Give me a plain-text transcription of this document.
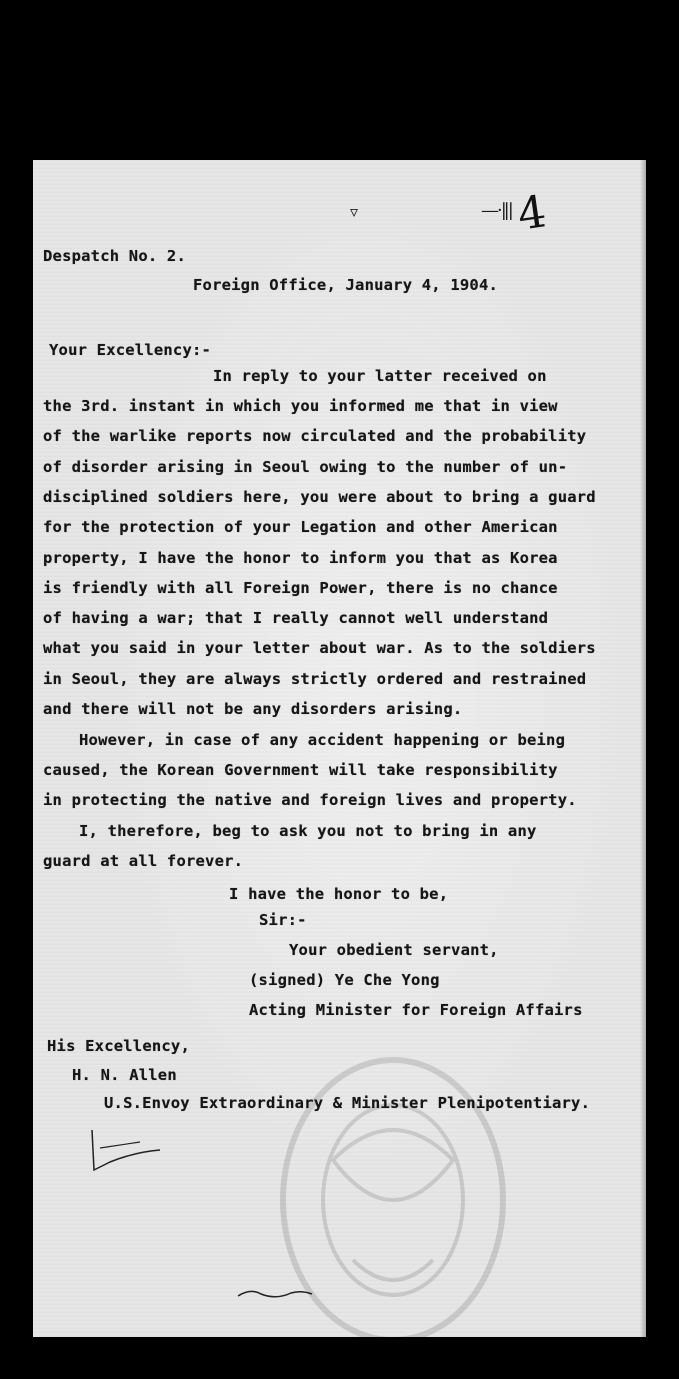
▿	—·‖| 4
Despatch No. 2.
Foreign Office, January 4, 1904.
Your Excellency:-
In reply to your latter received on
the 3rd. instant in which you informed me that in view
of the warlike reports now circulated and the probability
of disorder arising in Seoul owing to the number of un-
disciplined soldiers here, you were about to bring a guard
for the protection of your Legation and other American
property, I have the honor to inform you that as Korea
is friendly with all Foreign Power, there is no chance
of having a war; that I really cannot well understand
what you said in your letter about war. As to the soldiers
in Seoul, they are always strictly ordered and restrained
and there will not be any disorders arising.
However, in case of any accident happening or being
caused, the Korean Government will take responsibility
in protecting the native and foreign lives and property.
I, therefore, beg to ask you not to bring in any
guard at all forever.
I have the honor to be,
Sir:-
Your obedient servant,
(signed) Ye Che Yong
Acting Minister for Foreign Affairs
His Excellency,
H. N. Allen
U.S.Envoy Extraordinary & Minister Plenipotentiary.
